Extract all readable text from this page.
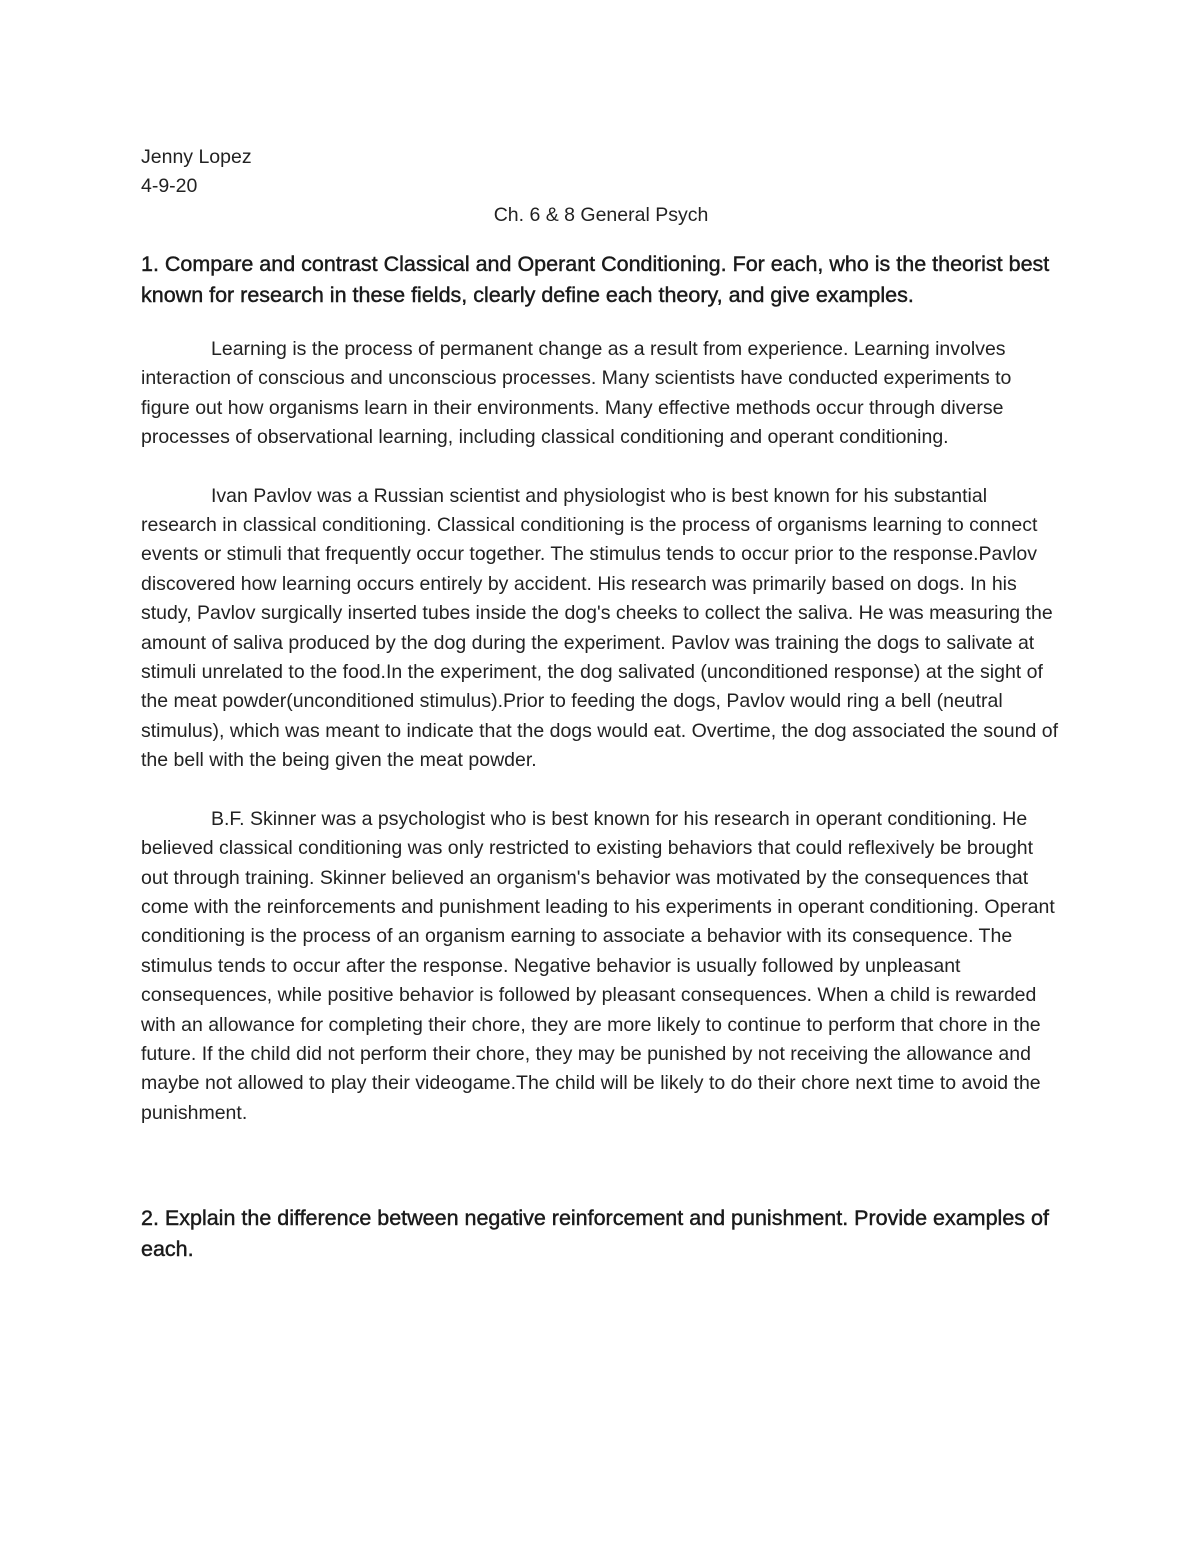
Jenny Lopez

4-9-20

Ch. 6 & 8 General Psych

1. Compare and contrast Classical and Operant Conditioning. For each, who is the theorist best known for research in these fields, clearly define each theory, and give examples.

Learning is the process of permanent change as a result from experience. Learning involves interaction of conscious and unconscious processes. Many scientists have conducted experiments to figure out how organisms learn in their environments. Many effective methods occur through diverse processes of observational learning, including classical conditioning and operant conditioning.

Ivan Pavlov was a Russian scientist and physiologist who is best known for his substantial research in classical conditioning. Classical conditioning is the process of organisms learning to connect events or stimuli that frequently occur together. The stimulus tends to occur prior to the response.Pavlov discovered how learning occurs entirely by accident. His research was primarily based on dogs. In his study, Pavlov surgically inserted tubes inside the dog's cheeks to collect the saliva. He was measuring the amount of saliva produced by the dog during the experiment. Pavlov was training the dogs to salivate at stimuli unrelated to the food.In the experiment, the dog salivated (unconditioned response) at the sight of the meat powder(unconditioned stimulus).Prior to feeding the dogs, Pavlov would ring a bell (neutral stimulus), which was meant to indicate that the dogs would eat. Overtime, the dog associated the sound of the bell with the being given the meat powder.

B.F. Skinner was a psychologist who is best known for his research in operant conditioning. He believed classical conditioning was only restricted to existing behaviors that could reflexively be brought out through training. Skinner believed an organism's behavior was motivated by the consequences that come with the reinforcements and punishment leading to his experiments in operant conditioning. Operant conditioning is the process of an organism earning to associate a behavior with its consequence. The stimulus tends to occur after the response. Negative behavior is usually followed by unpleasant consequences, while positive behavior is followed by pleasant consequences. When a child is rewarded with an allowance for completing their chore, they are more likely to continue to perform that chore in the future. If the child did not perform their chore, they may be punished by not receiving the allowance and maybe not allowed to play their videogame.The child will be likely to do their chore next time to avoid the punishment.

2. Explain the difference between negative reinforcement and punishment. Provide examples of each.
